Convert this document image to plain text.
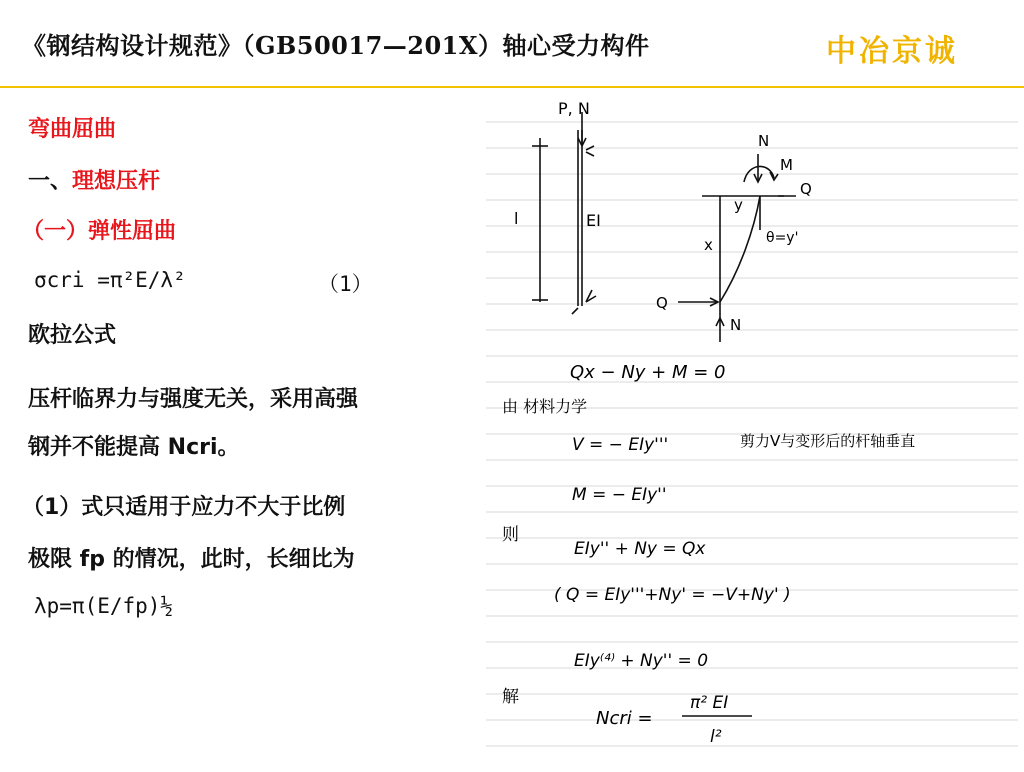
《钢结构设计规范》（GB50017—201X）轴心受力构件	中冶京诚
弯曲屈曲
一、理想压杆
（一）弹性屈曲
σcri =π²E/λ²	（1）
欧拉公式
压杆临界力与强度无关，采用高强
钢并不能提高 Ncri。
（1）式只适用于应力不大于比例
极限 fp 的情况，此时，长细比为
λp=π(E/fp)½
P, N
l	EI
N
M
Q
y
x	θ=y'
Q
N
Qx − Ny + M = 0
由 材料力学
V = − EIy'''	剪力V与变形后的杆轴垂直
M = − EIy''
则
EIy'' + Ny = Qx
( Q = EIy'''+Ny' = −V+Ny' )
EIy⁽⁴⁾ + Ny'' = 0
解
Ncri =
π² EI
l²
